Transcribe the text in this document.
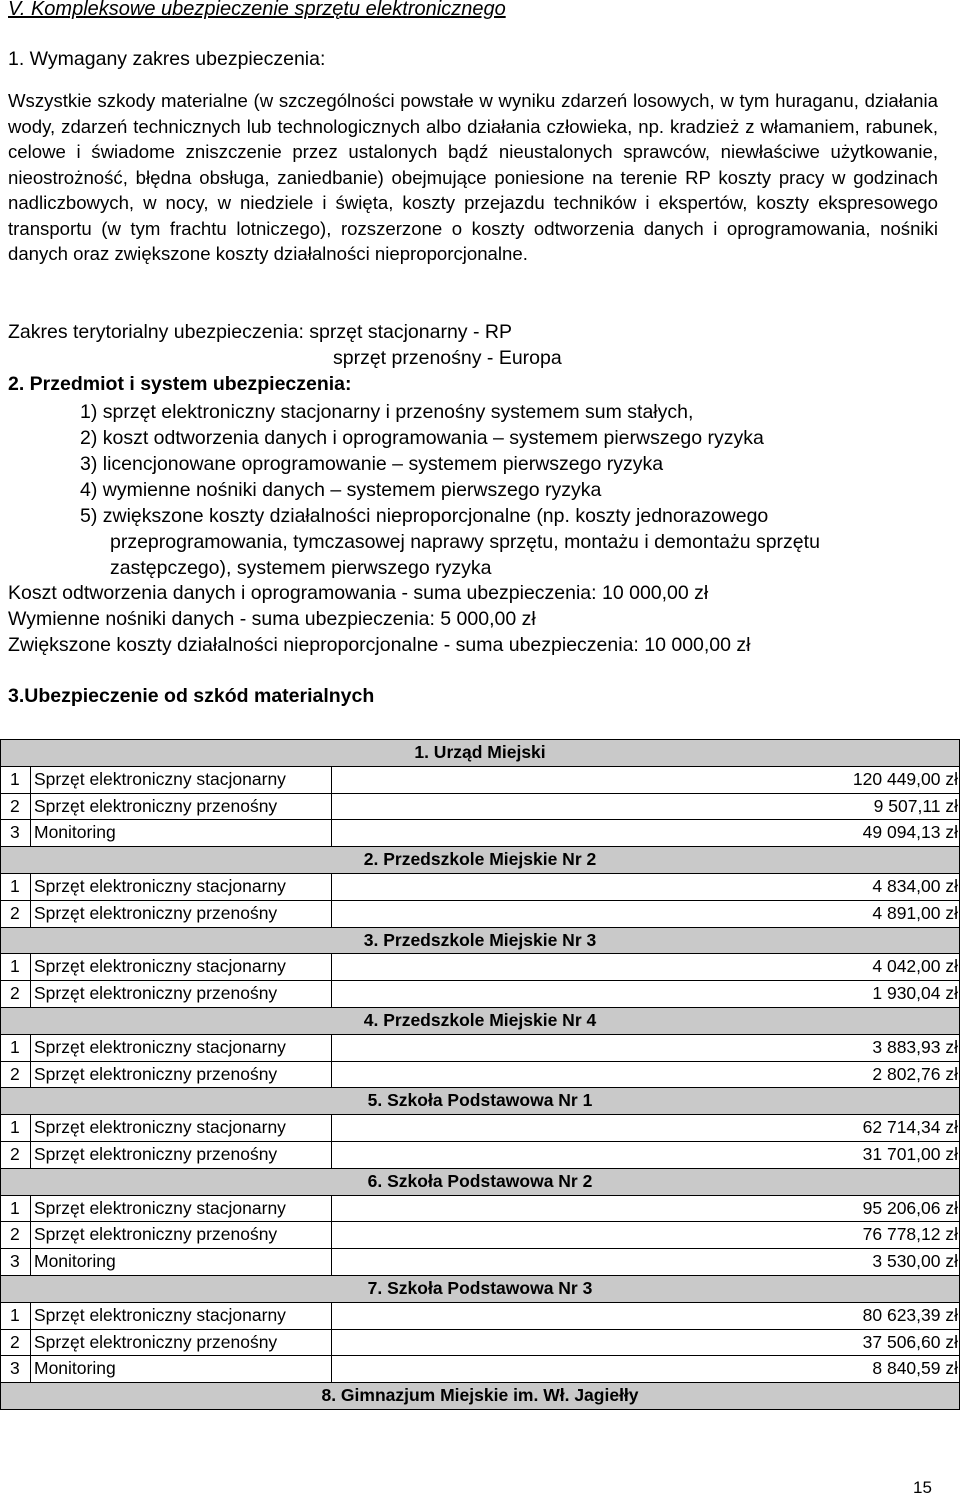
V. Kompleksowe ubezpieczenie sprzętu elektronicznego
1. Wymagany zakres ubezpieczenia:
Wszystkie szkody materialne (w szczególności powstałe w wyniku zdarzeń losowych, w tym huraganu, działania wody, zdarzeń technicznych lub technologicznych albo działania człowieka, np. kradzież z włamaniem, rabunek, celowe i świadome zniszczenie przez ustalonych bądź nieustalonych sprawców, niewłaściwe użytkowanie, nieostrożność, błędna obsługa, zaniedbanie) obejmujące poniesione na terenie RP koszty pracy w godzinach nadliczbowych, w nocy, w niedziele i święta, koszty przejazdu techników i ekspertów, koszty ekspresowego transportu (w tym frachtu lotniczego), rozszerzone o koszty odtworzenia danych i oprogramowania, nośniki danych oraz zwiększone koszty działalności nieproporcjonalne.
Zakres terytorialny ubezpieczenia: sprzęt stacjonarny - RP
sprzęt przenośny - Europa
2. Przedmiot i system ubezpieczenia:
1) sprzęt elektroniczny stacjonarny i przenośny systemem sum stałych,
2) koszt odtworzenia danych i oprogramowania – systemem pierwszego ryzyka
3) licencjonowane oprogramowanie – systemem pierwszego ryzyka
4) wymienne nośniki danych – systemem pierwszego ryzyka
5) zwiększone koszty działalności nieproporcjonalne (np. koszty jednorazowego
przeprogramowania, tymczasowej naprawy sprzętu, montażu i demontażu sprzętu
zastępczego), systemem pierwszego ryzyka
Koszt odtworzenia danych i oprogramowania - suma ubezpieczenia: 10 000,00 zł
Wymienne nośniki danych - suma ubezpieczenia: 5 000,00 zł
Zwiększone koszty działalności nieproporcjonalne - suma ubezpieczenia: 10 000,00 zł
3.Ubezpieczenie od szkód materialnych
1. Urząd Miejski
1 Sprzęt elektroniczny stacjonarny	120 449,00 zł
2 Sprzęt elektroniczny przenośny	9 507,11 zł
3 Monitoring	49 094,13 zł
2. Przedszkole Miejskie Nr 2
1 Sprzęt elektroniczny stacjonarny	4 834,00 zł
2 Sprzęt elektroniczny przenośny	4 891,00 zł
3. Przedszkole Miejskie Nr 3
1 Sprzęt elektroniczny stacjonarny	4 042,00 zł
2 Sprzęt elektroniczny przenośny	1 930,04 zł
4. Przedszkole Miejskie Nr 4
1 Sprzęt elektroniczny stacjonarny	3 883,93 zł
2 Sprzęt elektroniczny przenośny	2 802,76 zł
5. Szkoła Podstawowa Nr 1
1 Sprzęt elektroniczny stacjonarny	62 714,34 zł
2 Sprzęt elektroniczny przenośny	31 701,00 zł
6. Szkoła Podstawowa Nr 2
1 Sprzęt elektroniczny stacjonarny	95 206,06 zł
2 Sprzęt elektroniczny przenośny	76 778,12 zł
3 Monitoring	3 530,00 zł
7. Szkoła Podstawowa Nr 3
1 Sprzęt elektroniczny stacjonarny	80 623,39 zł
2 Sprzęt elektroniczny przenośny	37 506,60 zł
3 Monitoring	8 840,59 zł
8. Gimnazjum Miejskie im. Wł. Jagiełły
15
